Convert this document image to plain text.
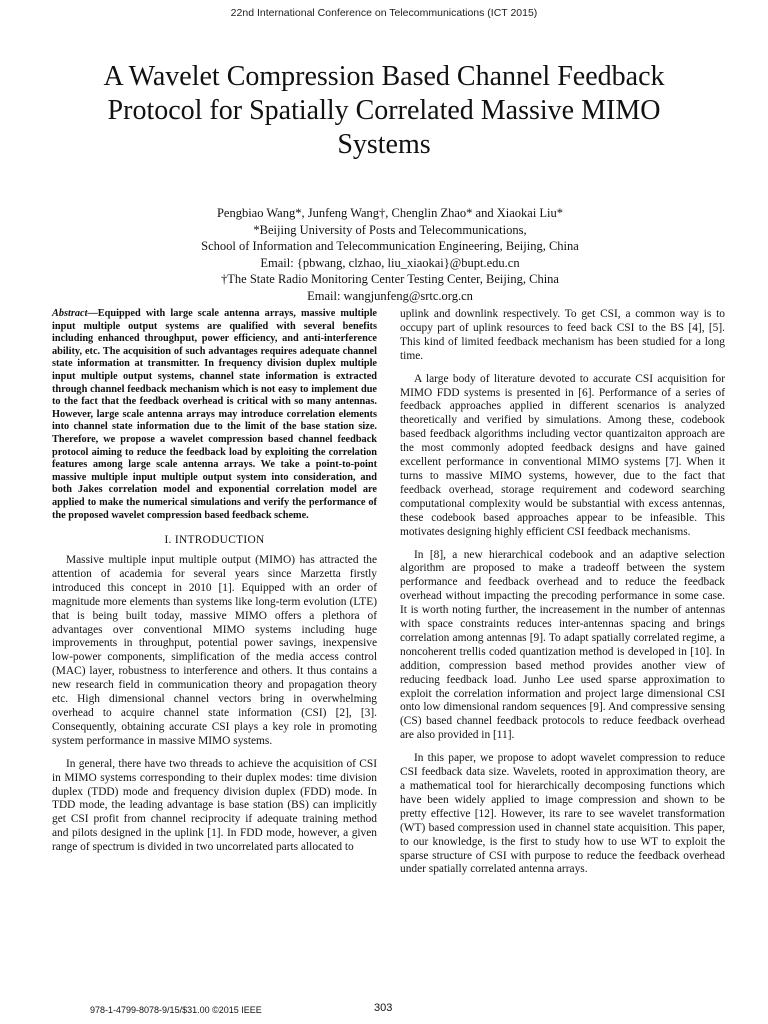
22nd International Conference on Telecommunications (ICT 2015)
A Wavelet Compression Based Channel Feedback
Protocol for Spatially Correlated Massive MIMO
Systems
Pengbiao Wang*, Junfeng Wang†, Chenglin Zhao* and Xiaokai Liu*
*Beijing University of Posts and Telecommunications,
School of Information and Telecommunication Engineering, Beijing, China
Email: {pbwang, clzhao, liu_xiaokai}@bupt.edu.cn
†The State Radio Monitoring Center Testing Center, Beijing, China
Email: wangjunfeng@srtc.org.cn

Abstract—Equipped with large scale antenna arrays, massive multiple input multiple output systems are qualified with several benefits including enhanced throughput, power efficiency, and anti-interference ability, etc. The acquisition of such advantages requires adequate channel state information at transmitter. In frequency division duplex multiple input multiple output systems, channel state information is extracted through channel feedback mechanism which is not easy to implement due to the fact that the feedback overhead is critical with so many antennas. However, large scale antenna arrays may introduce correlation elements into channel state information due to the limit of the base station size. Therefore, we propose a wavelet compression based channel feedback protocol aiming to reduce the feedback load by exploiting the correlation features among large scale antenna arrays. We take a point-to-point massive multiple input multiple output system into consideration, and both Jakes correlation model and exponential correlation model are applied to make the numerical simulations and verify the performance of the proposed wavelet compression based feedback scheme.

I. INTRODUCTION

Massive multiple input multiple output (MIMO) has attracted the attention of academia for several years since Marzetta firstly introduced this concept in 2010 [1]. Equipped with an order of magnitude more elements than systems like long-term evolution (LTE) that is being built today, massive MIMO offers a plethora of advantages over conventional MIMO systems including huge improvements in throughput, potential power savings, inexpensive low-power components, simplification of the media access control (MAC) layer, robustness to interference and others. It thus contains a new research field in communication theory and propagation theory etc. High dimensional channel vectors bring in overwhelming overhead to acquire channel state information (CSI) [2], [3]. Consequently, obtaining accurate CSI plays a key role in promoting system performance in massive MIMO systems.

In general, there have two threads to achieve the acquisition of CSI in MIMO systems corresponding to their duplex modes: time division duplex (TDD) mode and frequency division duplex (FDD) mode. In TDD mode, the leading advantage is base station (BS) can implicitly get CSI profit from channel reciprocity if adequate training method and pilots designed in the uplink [1]. In FDD mode, however, a given range of spectrum is divided in two uncorrelated parts allocated to

uplink and downlink respectively. To get CSI, a common way is to occupy part of uplink resources to feed back CSI to the BS [4], [5]. This kind of limited feedback mechanism has been studied for a long time.

A large body of literature devoted to accurate CSI acquisition for MIMO FDD systems is presented in [6]. Performance of a series of feedback approaches applied in different scenarios is analyzed theoretically and verified by simulations. Among these, codebook based feedback algorithms including vector quantizaiton approach are the most commonly adopted feedback designs and have gained excellent performance in conventional MIMO systems [7]. When it turns to massive MIMO systems, however, due to the fact that feedback overhead, storage requirement and codeword searching computational complexity would be substantial with excess antennas, these codebook based approaches appear to be infeasible. This motivates designing highly efficient CSI feedback mechanisms.

In [8], a new hierarchical codebook and an adaptive selection algorithm are proposed to make a tradeoff between the system performance and feedback overhead and to reduce the feedback overhead without impacting the precoding performance in some case. It is worth noting further, the increasement in the number of antennas with space constraints reduces inter-antennas spacing and brings correlation among antennas [9]. To adapt spatially correlated regime, a noncoherent trellis coded quantization method is developed in [10]. In addition, compression based method provides another view of reducing feedback load. Junho Lee used sparse approximation to exploit the correlation information and project large dimensional CSI onto low dimensional random sequences [9]. And compressive sensing (CS) based channel feedback protocols to reduce feedback overhead are also provided in [11].

In this paper, we propose to adopt wavelet compression to reduce CSI feedback data size. Wavelets, rooted in approximation theory, are a mathematical tool for hierarchically decomposing functions which have been widely applied to image compression and shown to be pretty effective [12]. However, its rare to see wavelet transformation (WT) based compression used in channel state acquisition. This paper, to our knowledge, is the first to study how to use WT to exploit the sparse structure of CSI with purpose to reduce the feedback overhead under spatially correlated antenna arrays.

978-1-4799-8078-9/15/$31.00 ©2015 IEEE	303
